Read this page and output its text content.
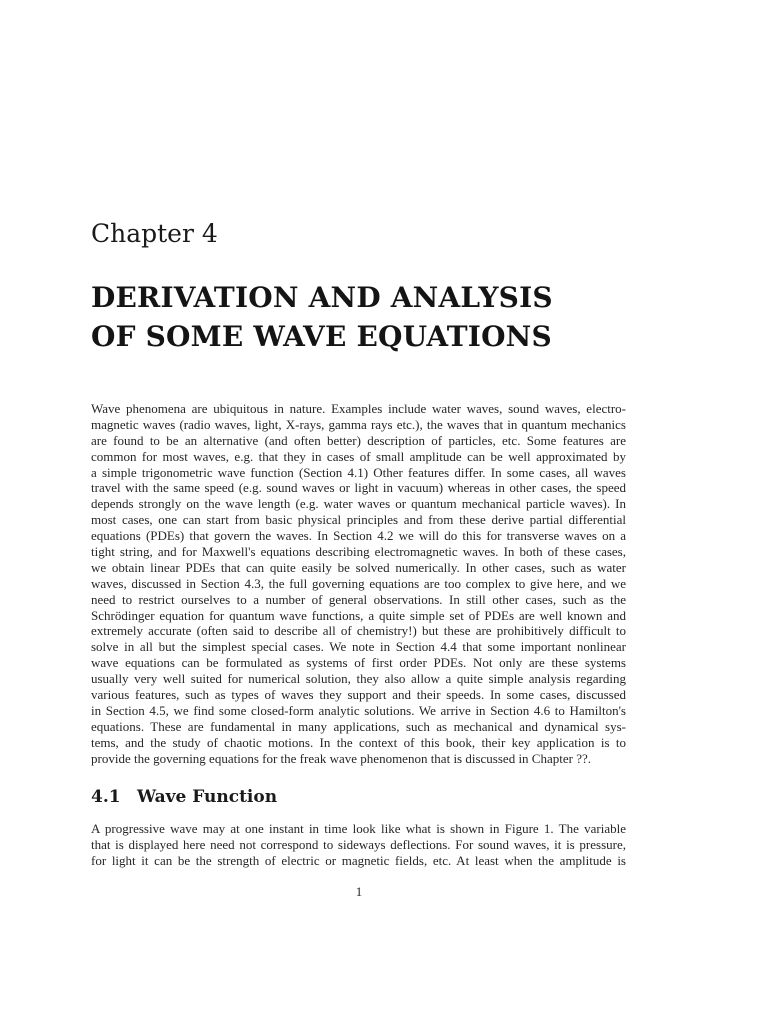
Chapter 4
DERIVATION AND ANALYSIS
OF SOME WAVE EQUATIONS
Wave phenomena are ubiquitous in nature. Examples include water waves, sound waves, electro-
magnetic waves (radio waves, light, X-rays, gamma rays etc.), the waves that in quantum mechanics
are found to be an alternative (and often better) description of particles, etc. Some features are
common for most waves, e.g. that they in cases of small amplitude can be well approximated by
a simple trigonometric wave function (Section 4.1) Other features differ. In some cases, all waves
travel with the same speed (e.g. sound waves or light in vacuum) whereas in other cases, the speed
depends strongly on the wave length (e.g. water waves or quantum mechanical particle waves). In
most cases, one can start from basic physical principles and from these derive partial differential
equations (PDEs) that govern the waves. In Section 4.2 we will do this for transverse waves on a
tight string, and for Maxwell's equations describing electromagnetic waves. In both of these cases,
we obtain linear PDEs that can quite easily be solved numerically. In other cases, such as water
waves, discussed in Section 4.3, the full governing equations are too complex to give here, and we
need to restrict ourselves to a number of general observations. In still other cases, such as the
Schrödinger equation for quantum wave functions, a quite simple set of PDEs are well known and
extremely accurate (often said to describe all of chemistry!) but these are prohibitively difficult to
solve in all but the simplest special cases. We note in Section 4.4 that some important nonlinear
wave equations can be formulated as systems of first order PDEs. Not only are these systems
usually very well suited for numerical solution, they also allow a quite simple analysis regarding
various features, such as types of waves they support and their speeds. In some cases, discussed
in Section 4.5, we find some closed-form analytic solutions. We arrive in Section 4.6 to Hamilton's
equations. These are fundamental in many applications, such as mechanical and dynamical sys-
tems, and the study of chaotic motions. In the context of this book, their key application is to
provide the governing equations for the freak wave phenomenon that is discussed in Chapter ??.
4.1 Wave Function
A progressive wave may at one instant in time look like what is shown in Figure 1. The variable
that is displayed here need not correspond to sideways deflections. For sound waves, it is pressure,
for light it can be the strength of electric or magnetic fields, etc. At least when the amplitude is
1
